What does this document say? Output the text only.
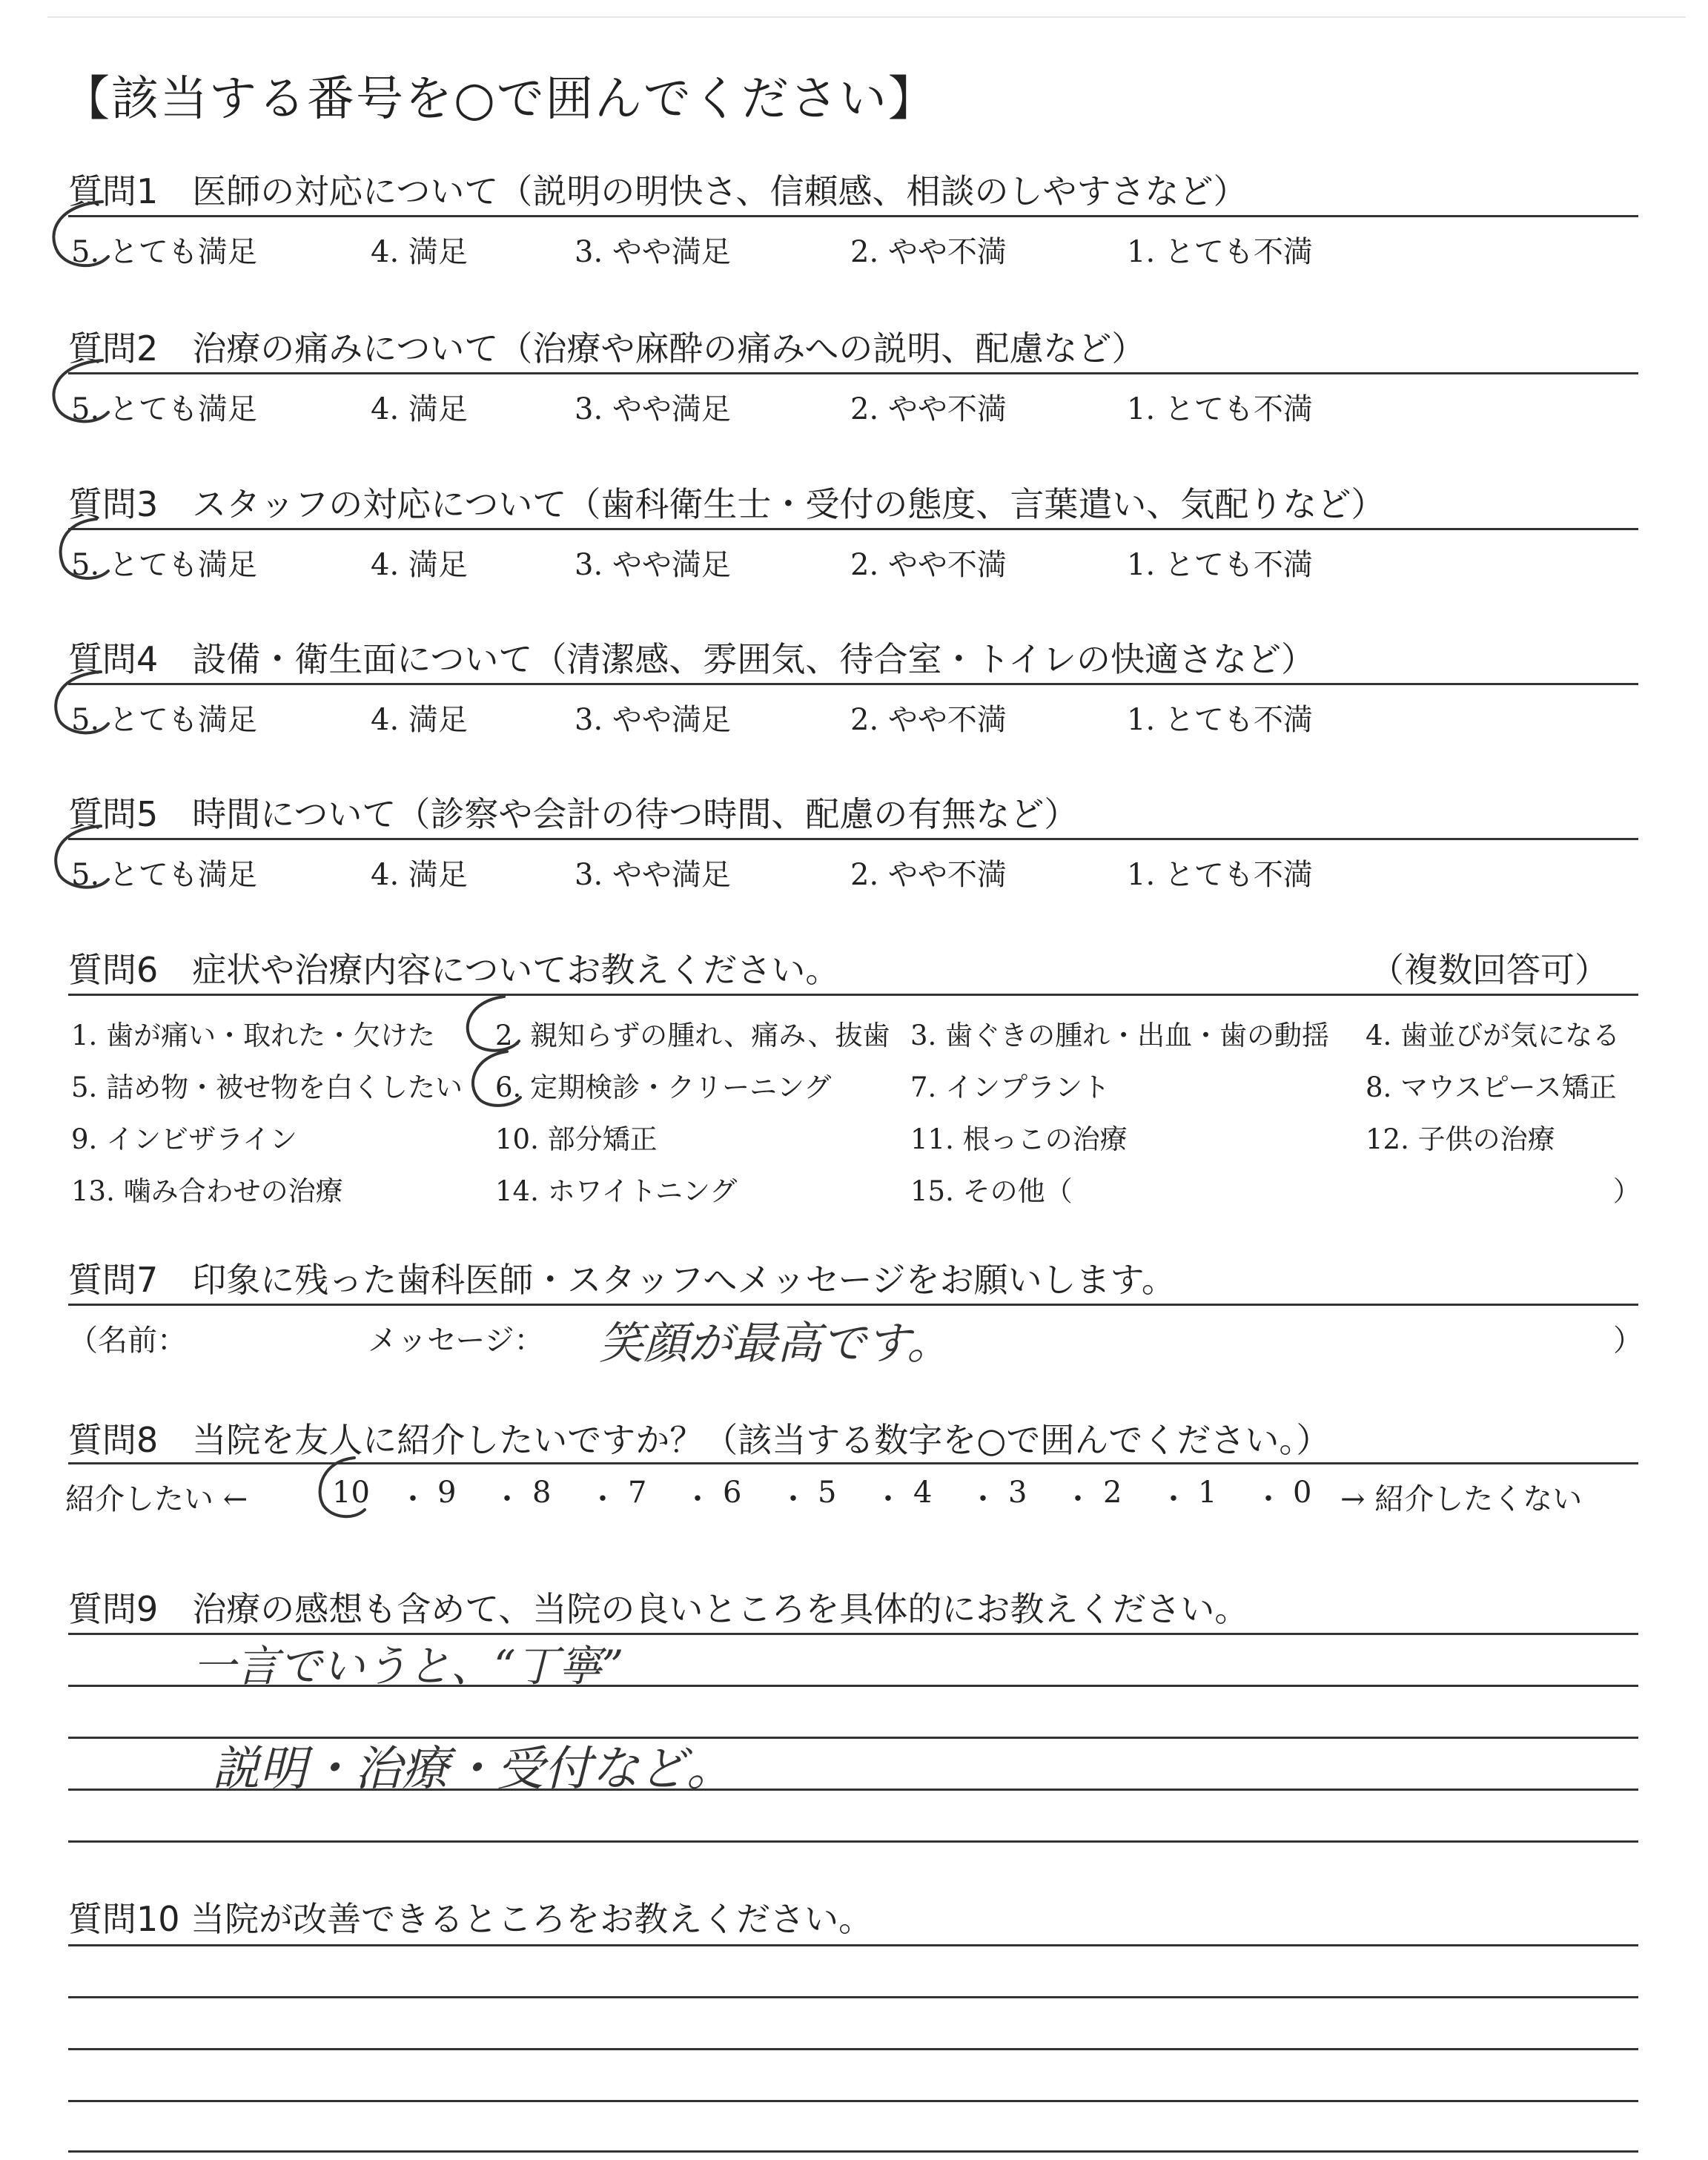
【該当する番号を○で囲んでください】
質問1　医師の対応について（説明の明快さ、信頼感、相談のしやすさなど）
5. とても満足	4. 満足	3. やや満足	2. やや不満	1. とても不満
質問2　治療の痛みについて（治療や麻酔の痛みへの説明、配慮など）
5. とても満足	4. 満足	3. やや満足	2. やや不満	1. とても不満
質問3　スタッフの対応について（歯科衛生士・受付の態度、言葉遣い、気配りなど）
5. とても満足	4. 満足	3. やや満足	2. やや不満	1. とても不満
質問4　設備・衛生面について（清潔感、雰囲気、待合室・トイレの快適さなど）
5. とても満足	4. 満足	3. やや満足	2. やや不満	1. とても不満
質問5　時間について（診察や会計の待つ時間、配慮の有無など）
5. とても満足	4. 満足	3. やや満足	2. やや不満	1. とても不満
質問6　症状や治療内容についてお教えください。	（複数回答可）
1. 歯が痛い・取れた・欠けた 2. 親知らずの腫れ、痛み、抜歯 3. 歯ぐきの腫れ・出血・歯の動揺 4. 歯並びが気になる
5. 詰め物・被せ物を白くしたい 6. 定期検診・クリーニング	7. インプラント	8. マウスピース矯正
9. インビザライン	10. 部分矯正	11. 根っこの治療	12. 子供の治療
13. 噛み合わせの治療	14. ホワイトニング	15. その他（	）
質問7　印象に残った歯科医師・スタッフへメッセージをお願いします。
（名前：	メッセージ： 笑顔が最高です。	）
質問8　当院を友人に紹介したいですか？（該当する数字を○で囲んでください。）
紹介したい ←	→ 紹介したくない
10 ・ 9 ・ 8 ・ 7 ・ 6 ・ 5 ・ 4 ・ 3 ・ 2 ・ 1 ・ 0
質問9　治療の感想も含めて、当院の良いところを具体的にお教えください。
一言でいうと、“丁寧”
説明・治療・受付など。
質問10 当院が改善できるところをお教えください。
